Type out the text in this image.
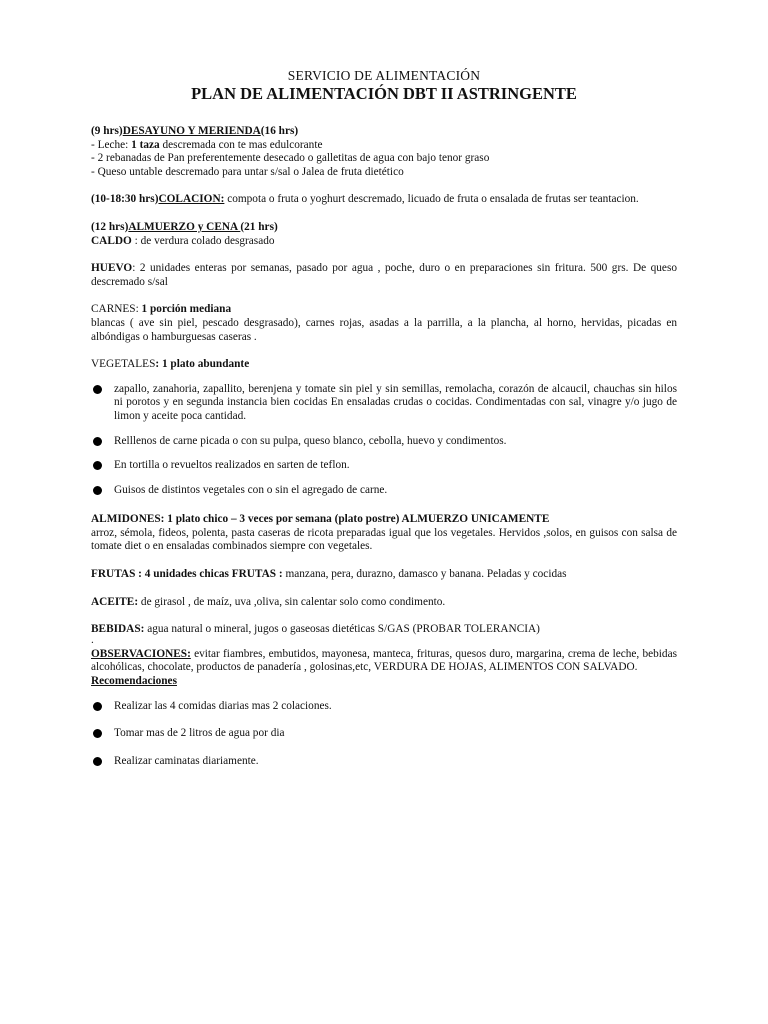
SERVICIO DE ALIMENTACIÓN

PLAN DE ALIMENTACIÓN DBT II ASTRINGENTE

(9 hrs)DESAYUNO Y MERIENDA(16 hrs)

- Leche: 1 taza descremada con te mas edulcorante

- 2 rebanadas de Pan preferentemente desecado o galletitas de agua con bajo tenor graso

- Queso untable descremado para untar s/sal o Jalea de fruta dietético

(10-18:30 hrs)COLACION: compota o fruta o yoghurt descremado, licuado de fruta o ensalada de frutas ser teantacion.

(12 hrs)ALMUERZO y CENA (21 hrs)

CALDO : de verdura colado desgrasado

HUEVO: 2 unidades enteras por semanas, pasado por agua , poche, duro o en preparaciones sin fritura. 500 grs. De queso descremado s/sal

CARNES: 1 porción mediana

blancas ( ave sin piel, pescado desgrasado), carnes rojas, asadas a la parrilla, a la plancha, al horno, hervidas, picadas en albóndigas o hamburguesas caseras .

VEGETALES: 1 plato abundante

zapallo, zanahoria, zapallito, berenjena y tomate sin piel y sin semillas, remolacha, corazón de alcaucil, chauchas sin hilos ni porotos y en segunda instancia bien cocidas En ensaladas crudas o cocidas. Condimentadas con sal, vinagre y/o jugo de limon y aceite poca cantidad.
Relllenos de carne picada o con su pulpa, queso blanco, cebolla, huevo y condimentos.
En tortilla o revueltos realizados en sarten de teflon.
Guisos de distintos vegetales con o sin el agregado de carne.

ALMIDONES: 1 plato chico – 3 veces por semana (plato postre) ALMUERZO UNICAMENTE

arroz, sémola, fideos, polenta, pasta caseras de ricota preparadas igual que los vegetales. Hervidos ,solos, en guisos con salsa de tomate diet o en ensaladas combinados siempre con vegetales.

FRUTAS : 4 unidades chicas FRUTAS : manzana, pera, durazno, damasco y banana. Peladas y cocidas

ACEITE: de girasol , de maíz, uva ,oliva, sin calentar solo como condimento.

BEBIDAS: agua natural o mineral, jugos o gaseosas dietéticas S/GAS (PROBAR TOLERANCIA)

.

OBSERVACIONES: evitar fiambres, embutidos, mayonesa, manteca, frituras, quesos duro, margarina, crema de leche, bebidas alcohólicas, chocolate, productos de panadería , golosinas,etc, VERDURA DE HOJAS, ALIMENTOS CON SALVADO.

Recomendaciones

Realizar las 4 comidas diarias mas 2 colaciones.
Tomar mas de 2 litros de agua por dia
Realizar caminatas diariamente.
